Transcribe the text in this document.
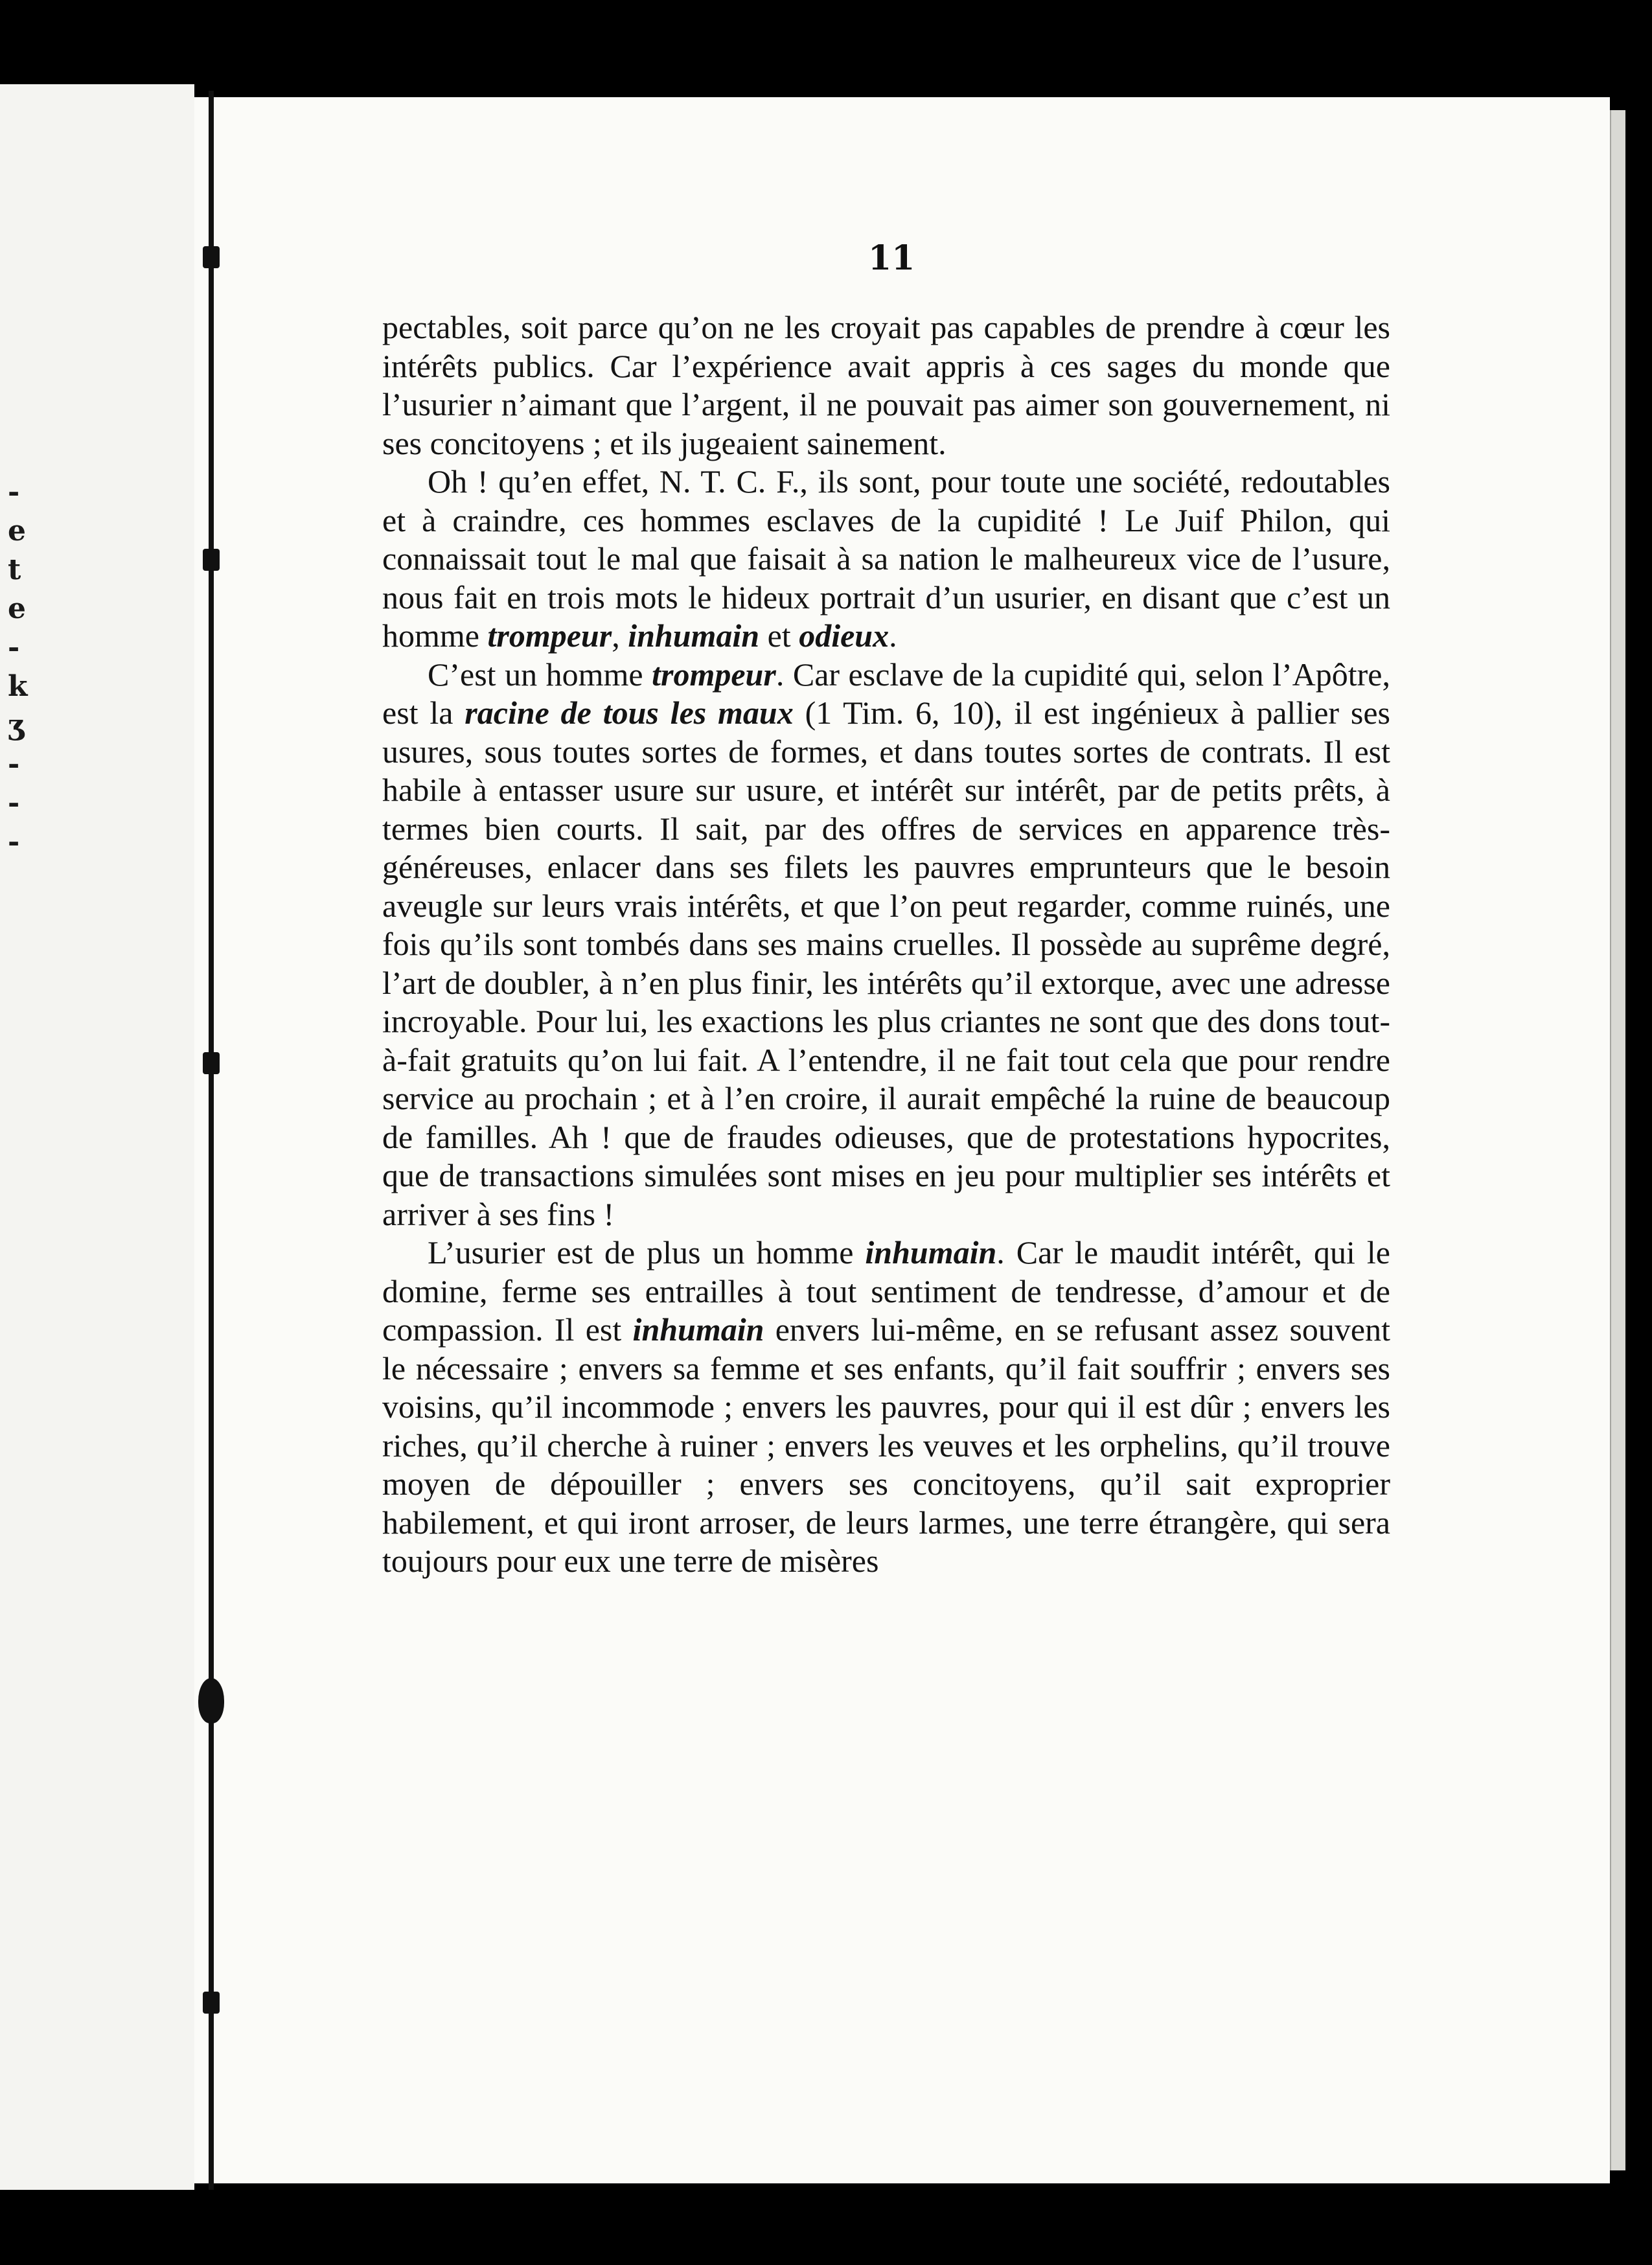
-
e
t
e
-
k
ʒ
-
-
-
11

pectables, soit parce qu’on ne les croyait pas capables de prendre à cœur les intérêts publics. Car l’expérience avait appris à ces sages du monde que l’usurier n’aimant que l’argent, il ne pouvait pas aimer son gouvernement, ni ses concitoyens ; et ils jugeaient sainement.

Oh ! qu’en effet, N. T. C. F., ils sont, pour toute une société, redoutables et à craindre, ces hommes esclaves de la cupidité ! Le Juif Philon, qui connaissait tout le mal que faisait à sa nation le malheureux vice de l’usure, nous fait en trois mots le hideux portrait d’un usurier, en disant que c’est un homme trompeur, inhumain et odieux.

C’est un homme trompeur. Car esclave de la cupidité qui, selon l’Apôtre, est la racine de tous les maux (1 Tim. 6, 10), il est ingénieux à pallier ses usures, sous toutes sortes de formes, et dans toutes sortes de contrats. Il est habile à entasser usure sur usure, et intérêt sur intérêt, par de petits prêts, à termes bien courts. Il sait, par des offres de services en apparence très-généreuses, enlacer dans ses filets les pauvres emprunteurs que le besoin aveugle sur leurs vrais intérêts, et que l’on peut regarder, comme ruinés, une fois qu’ils sont tombés dans ses mains cruelles. Il possède au suprême degré, l’art de doubler, à n’en plus finir, les intérêts qu’il extorque, avec une adresse incroyable. Pour lui, les exactions les plus criantes ne sont que des dons tout-à-fait gratuits qu’on lui fait. A l’entendre, il ne fait tout cela que pour rendre service au prochain ; et à l’en croire, il aurait empêché la ruine de beaucoup de familles. Ah ! que de fraudes odieuses, que de protestations hypocrites, que de transactions simulées sont mises en jeu pour multiplier ses intérêts et arriver à ses fins !

L’usurier est de plus un homme inhumain. Car le maudit intérêt, qui le domine, ferme ses entrailles à tout sentiment de tendresse, d’amour et de compassion. Il est inhumain envers lui-même, en se refusant assez souvent le nécessaire ; envers sa femme et ses enfants, qu’il fait souffrir ; envers ses voisins, qu’il incommode ; envers les pauvres, pour qui il est dûr ; envers les riches, qu’il cherche à ruiner ; envers les veuves et les orphelins, qu’il trouve moyen de dépouiller ; envers ses concitoyens, qu’il sait exproprier habilement, et qui iront arroser, de leurs larmes, une terre étrangère, qui sera toujours pour eux une terre de misères
